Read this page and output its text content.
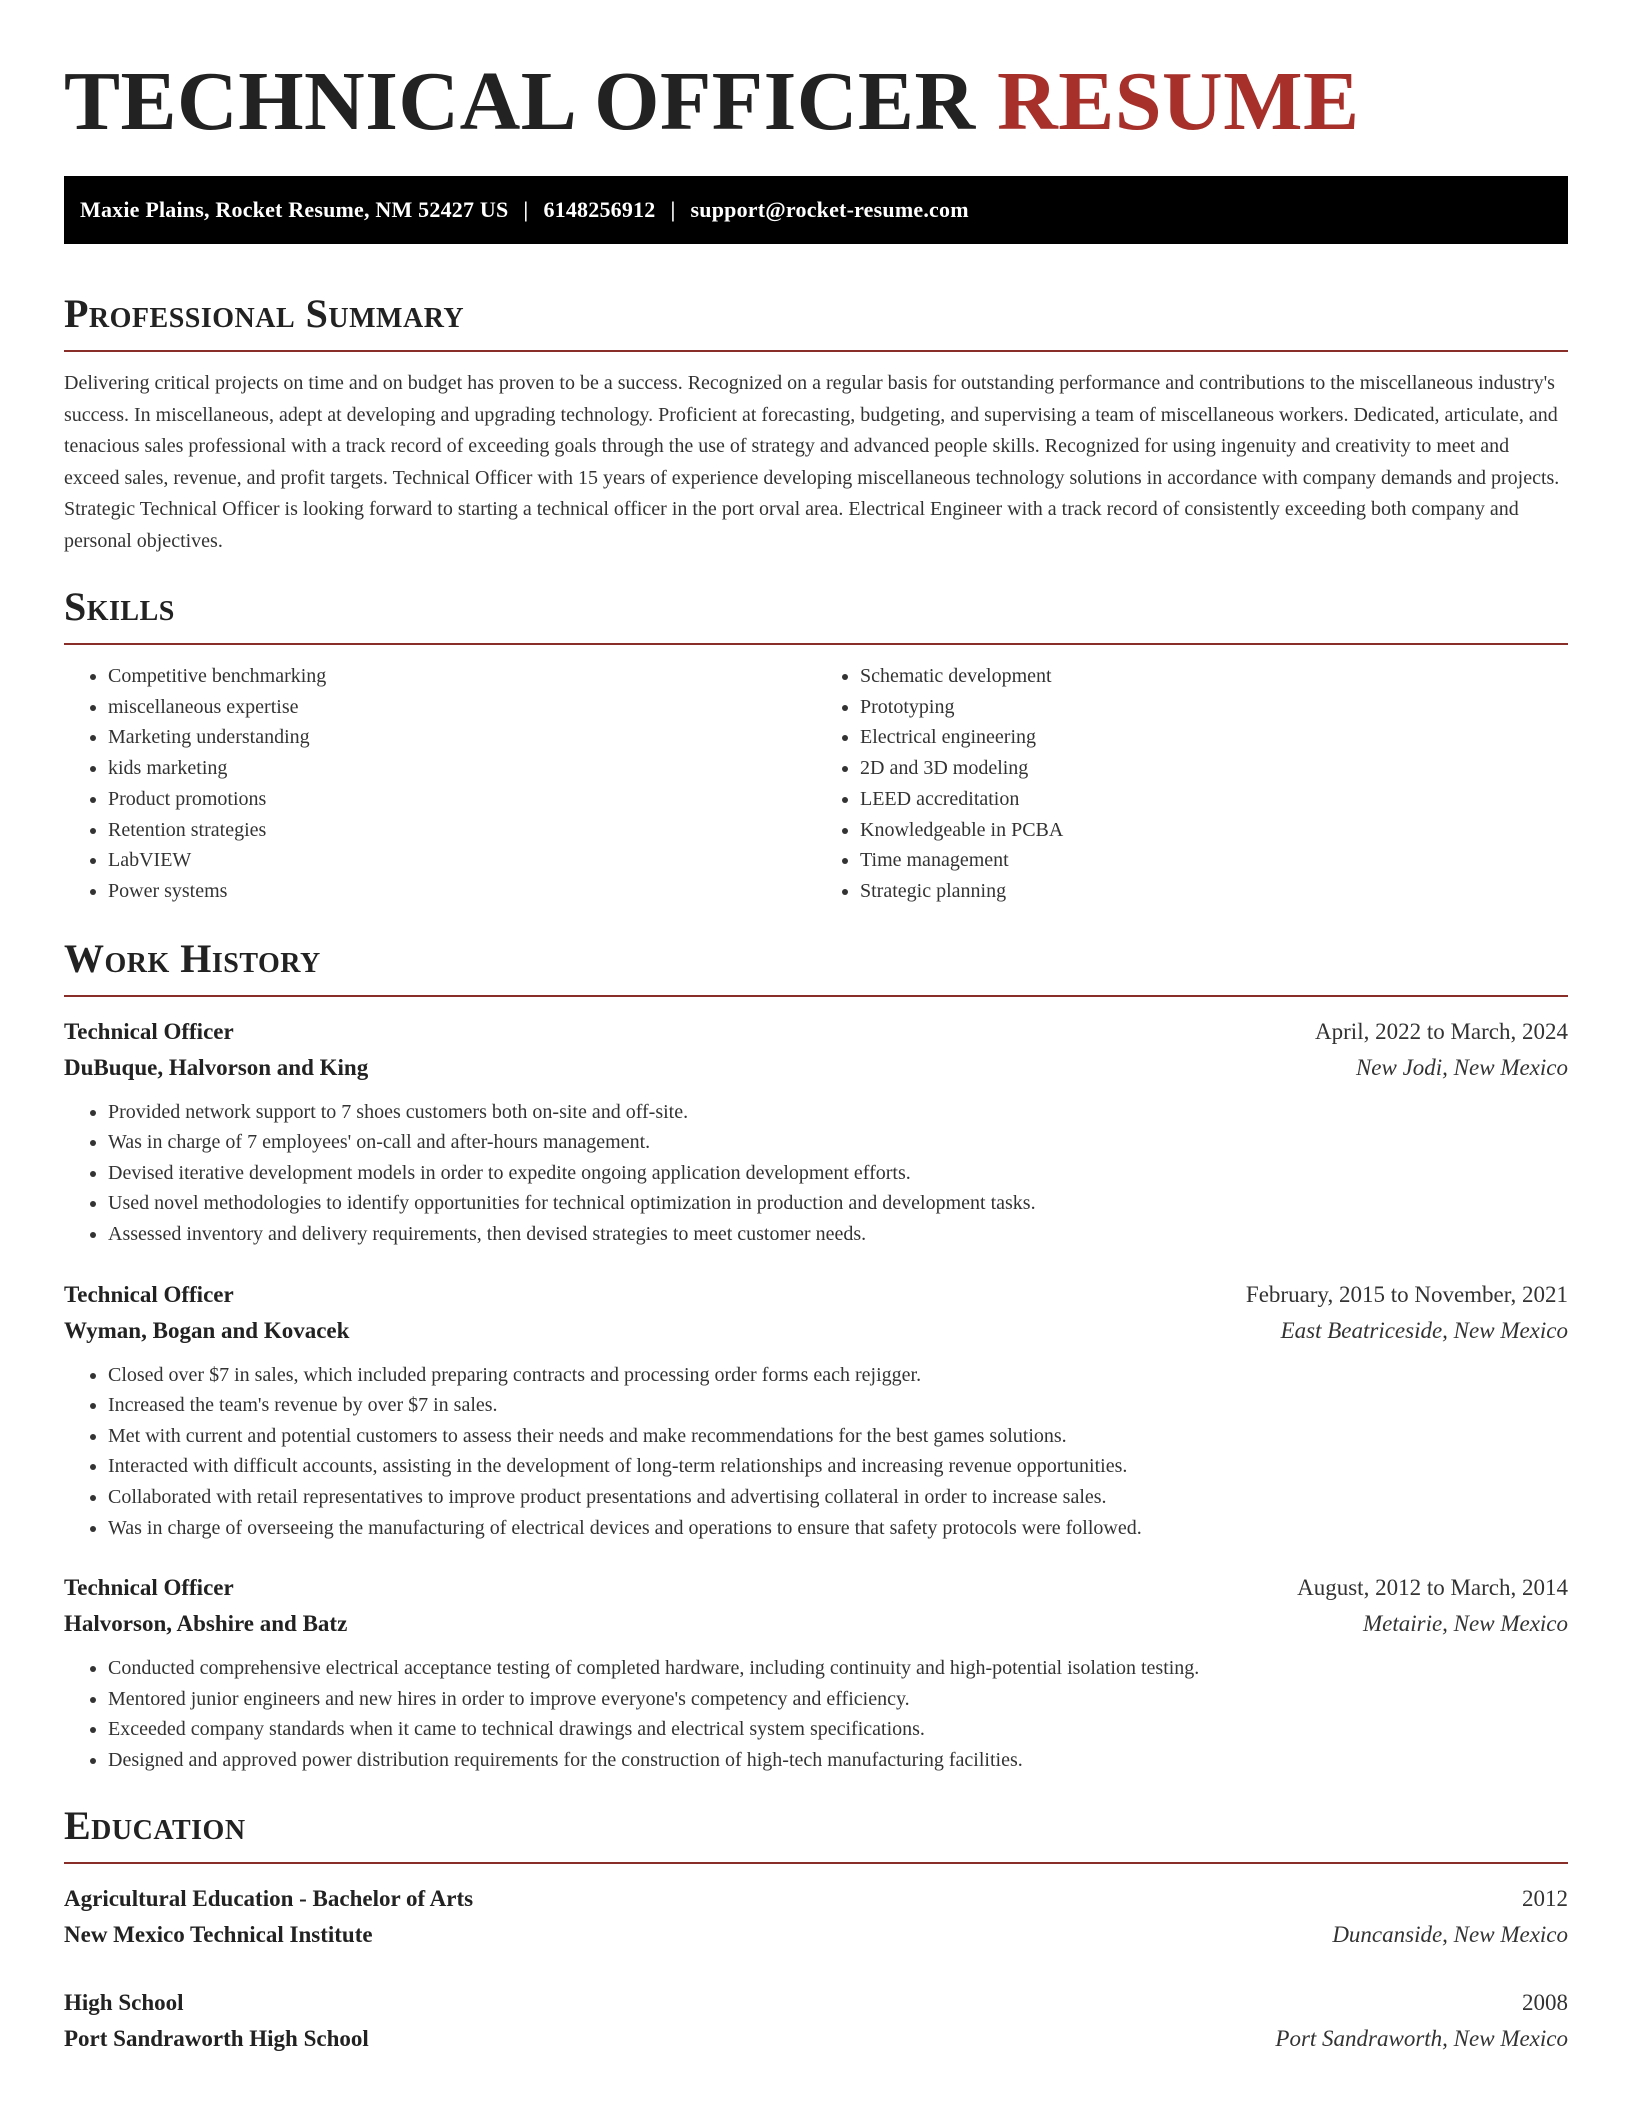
TECHNICAL OFFICER RESUME
Maxie Plains, Rocket Resume, NM 52427 US | 6148256912 | support@rocket-resume.com
Professional Summary

Delivering critical projects on time and on budget has proven to be a success. Recognized on a regular basis for outstanding performance and contributions to the miscellaneous industry's success. In miscellaneous, adept at developing and upgrading technology. Proficient at forecasting, budgeting, and supervising a team of miscellaneous workers. Dedicated, articulate, and tenacious sales professional with a track record of exceeding goals through the use of strategy and advanced people skills. Recognized for using ingenuity and creativity to meet and exceed sales, revenue, and profit targets. Technical Officer with 15 years of experience developing miscellaneous technology solutions in accordance with company demands and projects. Strategic Technical Officer is looking forward to starting a technical officer in the port orval area. Electrical Engineer with a track record of consistently exceeding both company and personal objectives.

Skills
• Competitive benchmarking
• miscellaneous expertise
• Marketing understanding
• kids marketing
• Product promotions
• Retention strategies
• LabVIEW
• Power systems
• Schematic development
• Prototyping
• Electrical engineering
• 2D and 3D modeling
• LEED accreditation
• Knowledgeable in PCBA
• Time management
• Strategic planning
Work History
Technical Officer	April, 2022 to March, 2024
DuBuque, Halvorson and King	New Jodi, New Mexico
• Provided network support to 7 shoes customers both on-site and off-site.
• Was in charge of 7 employees' on-call and after-hours management.
• Devised iterative development models in order to expedite ongoing application development efforts.
• Used novel methodologies to identify opportunities for technical optimization in production and development tasks.
• Assessed inventory and delivery requirements, then devised strategies to meet customer needs.
Technical Officer	February, 2015 to November, 2021
Wyman, Bogan and Kovacek	East Beatriceside, New Mexico
• Closed over $7 in sales, which included preparing contracts and processing order forms each rejigger.
• Increased the team's revenue by over $7 in sales.
• Met with current and potential customers to assess their needs and make recommendations for the best games solutions.
• Interacted with difficult accounts, assisting in the development of long-term relationships and increasing revenue opportunities.
• Collaborated with retail representatives to improve product presentations and advertising collateral in order to increase sales.
• Was in charge of overseeing the manufacturing of electrical devices and operations to ensure that safety protocols were followed.
Technical Officer	August, 2012 to March, 2014
Halvorson, Abshire and Batz	Metairie, New Mexico
• Conducted comprehensive electrical acceptance testing of completed hardware, including continuity and high-potential isolation testing.
• Mentored junior engineers and new hires in order to improve everyone's competency and efficiency.
• Exceeded company standards when it came to technical drawings and electrical system specifications.
• Designed and approved power distribution requirements for the construction of high-tech manufacturing facilities.
Education
Agricultural Education - Bachelor of Arts	2012
New Mexico Technical Institute	Duncanside, New Mexico
High School	2008
Port Sandraworth High School	Port Sandraworth, New Mexico
